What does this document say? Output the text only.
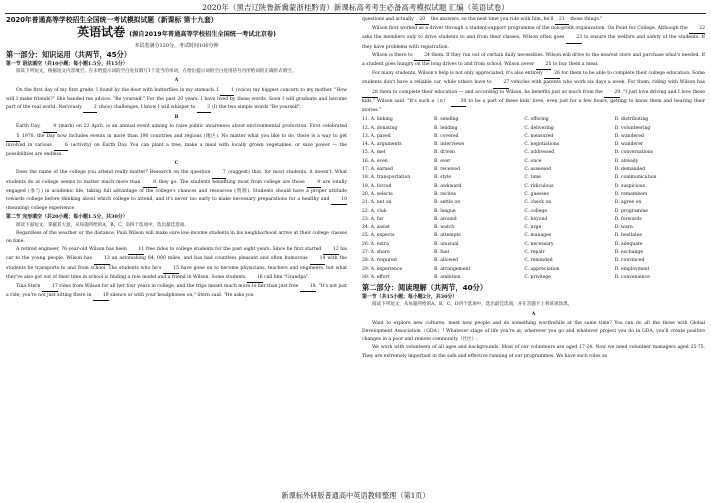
2020年（黑吉辽陕鲁新冀蒙浙桂黔青）新课标高考考生必备高考模拟试题 汇编（英语试卷）
2020年普通高等学校招生全国统一考试模拟试题（新课标 第十九套）
英语试卷 (源自2019年普通高等学校招生全国统一考试北京卷)
本试卷满分120分，考试时间100分钟
第一部分：知识运用（共两节，45分）
第一节 语法填空（共10小题；每小题1.5分，共15分）

阅读下列短文，根据短文内容填空。在未给提示词的空白处仅填写1个适当的单词，在给出提示词的空白处用括号内所给词的正确形式填空。

A

On the first day of my first grade, I found by the door with butterflies in my stomach. I	1 (voice) my biggest concern to my mother. "How will I make friends?" She handed me advice. "Be yourself." For the past 20 years. I have lived by these words. Soon I will graduate and become part of the real world. Nervously	2 (face) challenges, I know I will whisper to	3 (I) the two simple words "Be yourself".

B

Earth Day,	4 (mark) on 22 April, is an annual event aiming to raise public awareness about environmental protection. First celebrated 5 1970, the Day now includes events in more than 190 countries and regions (地区). No matter what you like to do, there is a way to get involved in various	6 (activity) on Earth Day. You can plant a tree, make a meal with locally grown vegetables, or save power — the possibilities are endless.

C

Does the name of the college you attend really matter? Research on the question	7 (suggest) that, for most students, it doesn't. What students do at college seems to matter much more than	8 they go. The students benefiting most from college are those	9 are totally engaged (参与) in academic life, taking full advantage of the college's chances and resources (资源). Students should have a proper attitude towards college before thinking about which college to attend, and it's never too early to make necessary preparations for a healthy and	10 (meaning) college experience.

第二节 完形填空（共20小题；每小题1.5分，共30分）

阅读下面短文，掌握其大意，从每题所给的A、B、C、D四个选项中，选出最佳选项。

Regardless of the weather or the distance, Paul Wilson will make sure low-income students in his neighborhood arrive at their college classes on time.

A retired engineer, 76-year-old Wilson has been	11 free rides to college students for the past eight years. Since he first started	12 his car to the young people. Wilson has	13 an astonishing 64, 000 miles, and has had countless pleasant and often humorous	14 with the students he transports to and from school. The students who he's	15 have gone on to become physicians, teachers and engineers, but what they've also got out of their time in school is finding a role model and a friend in Wilson. Some students	16 call him "Grandpa".

Tina Stern	17 rides from Wilson for all her four years in college, and the trips meant much more to her than just free	18. "It's not just a ride; you're not just sitting there in	19 silence or with your headphones on," Stern said. "He asks you

questions and actually 20 the answers, so the next time you ride with him, he'll 21 those things."

Wilson first worked as a driver through a student-support programme of the non-profit organization. On Point for College. Although the	22 asks the members only to drive students to and from their classes, Wilson often goes	23 to ensure the welfare and safety of the students. If they have problems with registration.

Wilson is there to	24 them. If they run out of certain daily necessities. Wilson will drive to the nearest store and purchase what's needed. If a student goes hungry on the long drives to and from school, Wilson never	25 to buy them a meal.

For many students, Wilson's help is not only appreciated, it's also entirely	26 for them to be able to complete their college education. Some students don't have a reliable car, while others have to	27 vehicles with parents who work six days a week. For them, riding with Wilson has 28 them to complete their education — and according to Wilson, he benefits just as much from the	29. "I just love driving and I love these kids," Wilson said. "It's such a（n）	30 to be a part of these kids' lives, even just for a few hours, getting to know them and hearing their stories."

11. A. linking	B. sending	C. offering	D. distributing
12. A. donating	B. lending	C. delivering	D. volunteering
13. A. paved	B. covered	C. measured	D. wandered
14. A. arguments	B. interviews	C. negotiations	D. wanderer
15. A. met	B. driven	C. addressed	D. conversations
16. A. even	B. ever	C. once	D. already
17. A. earned	B. received	C. assessed	D. demanded
18. A. transportation	B. style	C. time	D. communication
19. A. forced	B. awkward	C. ridiculous	D. suspicious
20. A. selects	B. recites	C. guesses	D. remembers
21. A. net on	B. settle on	C. check on	D. agree on
22. A. club	B. league	C. college	D. programme
23. A. far	B. around	C. beyond	D. forwards
24. A. assist	B. watch	C. urge	D. warn
25. A. expects	B. attempts	C. manages	D. hesitates
26. A. extra	B. unusual	C. necessary	D. adequate
27. A. share	B. fuel	C. repair	D. exchange
28. A. required	B. allowed	C. reminded	D. convinced
29. A. experience	B. arrangement	C. appreciation	D. employment
30. A. effort	B. ambition	C. privilege	D. convenience
第二部分：阅读理解（共两节，40分）
第一节（共15小题；每小题2分，共30分）

阅读下列短文，从每题所给的A、B、C、D四个选项中，选出最佳选项，并在答题卡上将该项涂黑。

A

Want to explore new cultures, meet new people and do something worthwhile at the same time? You can do all the three with Global Development Association（GDA）! Whatever stage of life you're at, wherever you go and whatever project you do in GDA, you'll create positive changes in a poor and remote community（社区）.

We work with volunteers of all ages and backgrounds. Most of our volunteers are aged 17-24. Now we need volunteer managers aged 25-75. They are extremely important in the safe and effective running of our programmes. We have such roles as

新课标外研版普通高中英语教师整理（第1页）
